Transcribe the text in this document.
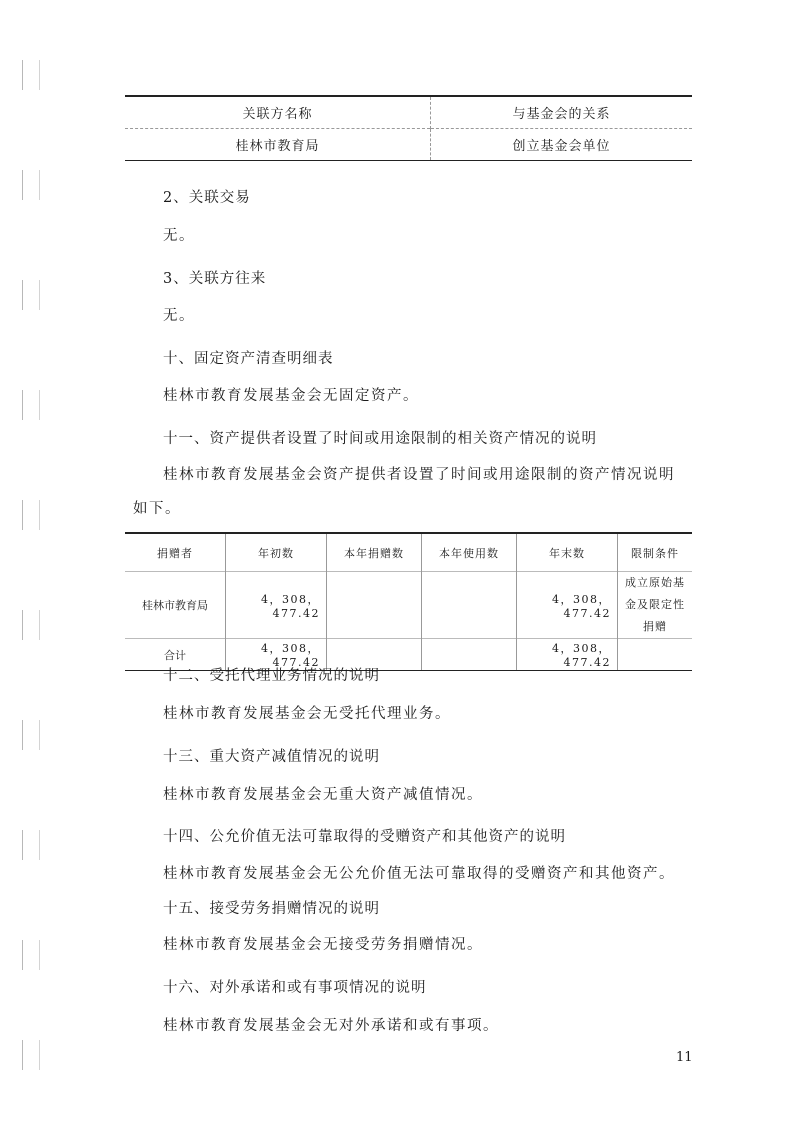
关联方名称	与基金会的关系
桂林市教育局	创立基金会单位
2、关联交易
无。
3、关联方往来
无。
十、固定资产清查明细表
桂林市教育发展基金会无固定资产。
十一、资产提供者设置了时间或用途限制的相关资产情况的说明
桂林市教育发展基金会资产提供者设置了时间或用途限制的资产情况说明
如下。
捐赠者	年初数	本年捐赠数	本年使用数	年末数	限制条件
桂林市教育局	4，308，477.42			4，308，477.42	成立原始基金及限定性捐赠
合计	4，308，477.42			4，308，477.42	
十二、受托代理业务情况的说明
桂林市教育发展基金会无受托代理业务。
十三、重大资产减值情况的说明
桂林市教育发展基金会无重大资产减值情况。
十四、公允价值无法可靠取得的受赠资产和其他资产的说明
桂林市教育发展基金会无公允价值无法可靠取得的受赠资产和其他资产。
十五、接受劳务捐赠情况的说明
桂林市教育发展基金会无接受劳务捐赠情况。
十六、对外承诺和或有事项情况的说明
桂林市教育发展基金会无对外承诺和或有事项。
11
